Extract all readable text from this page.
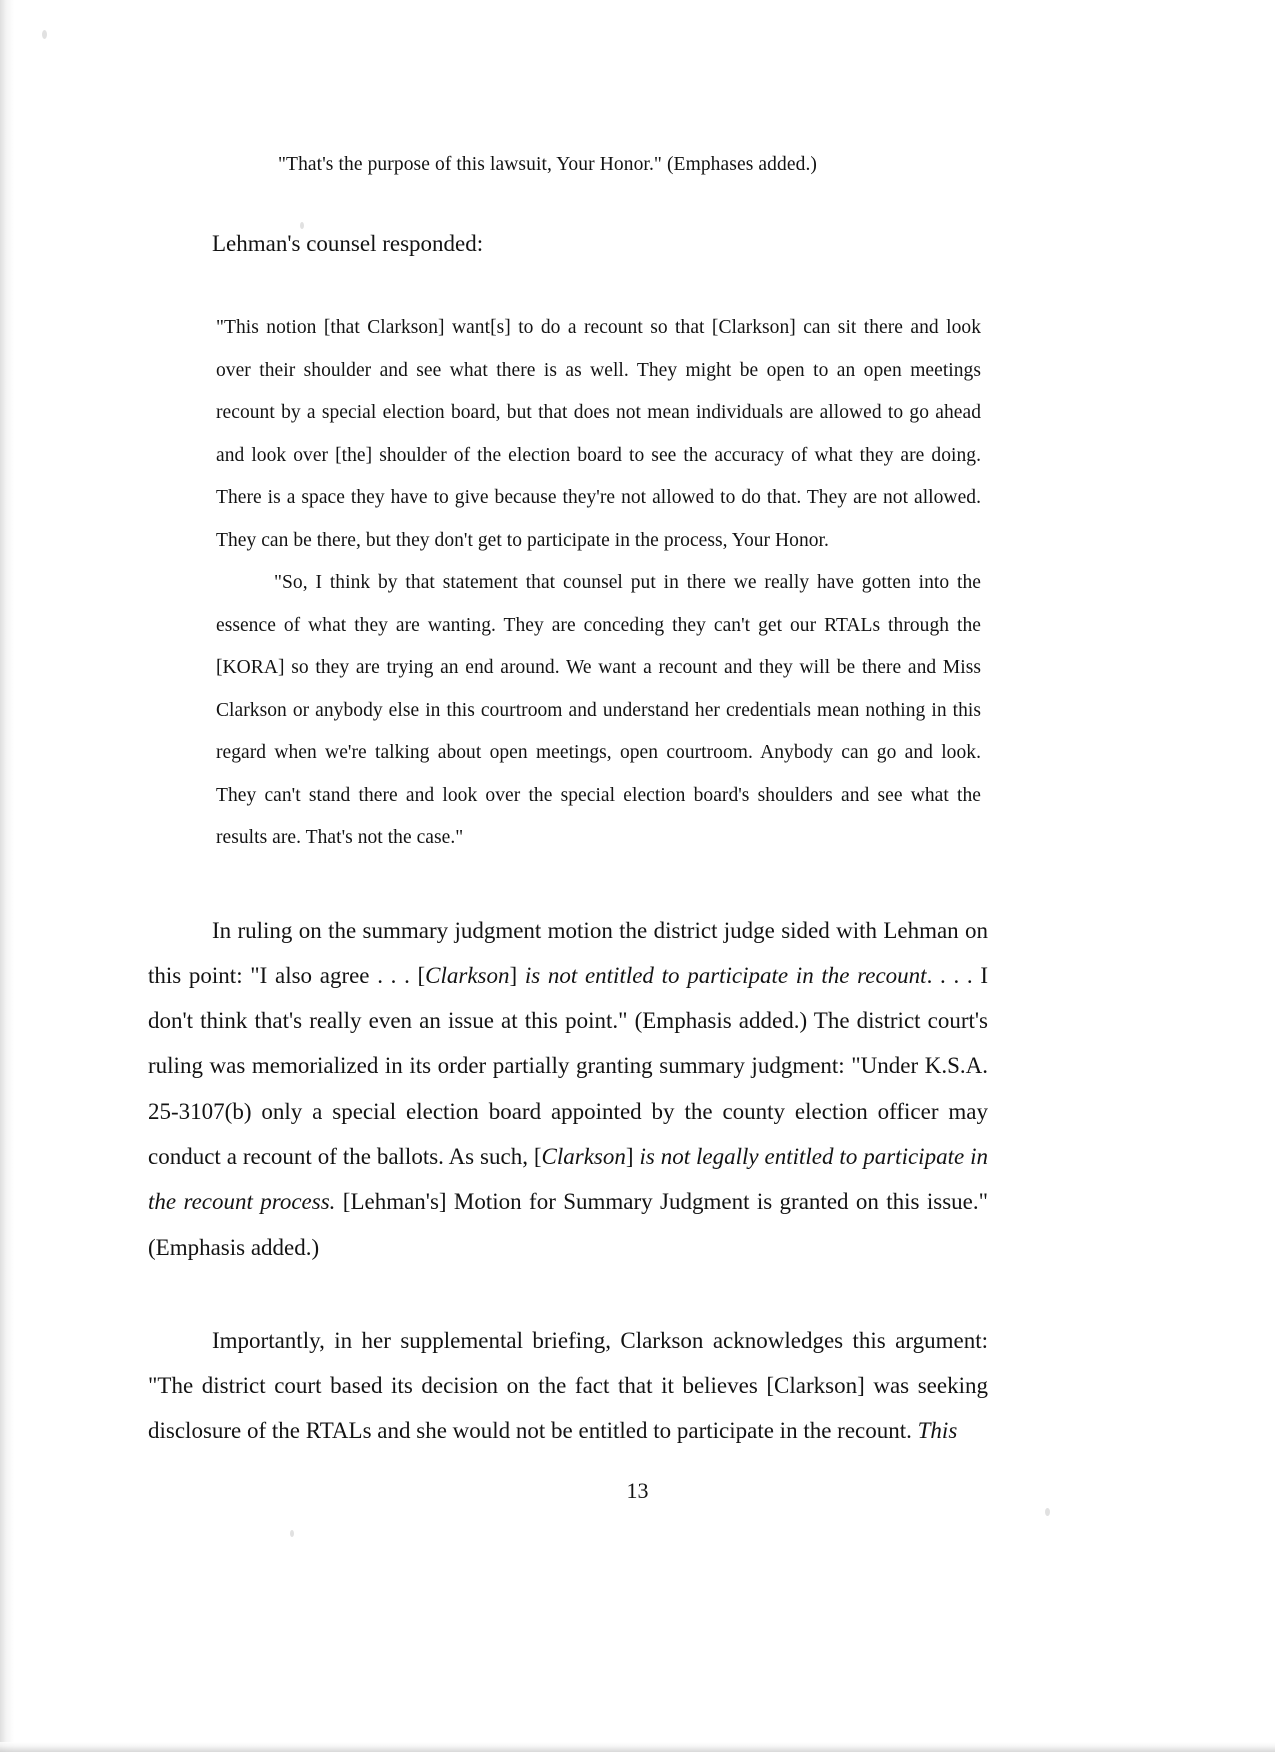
"That's the purpose of this lawsuit, Your Honor." (Emphases added.)
Lehman's counsel responded:

"This notion [that Clarkson] want[s] to do a recount so that [Clarkson] can sit there and look over their shoulder and see what there is as well. They might be open to an open meetings recount by a special election board, but that does not mean individuals are allowed to go ahead and look over [the] shoulder of the election board to see the accuracy of what they are doing. There is a space they have to give because they're not allowed to do that. They are not allowed. They can be there, but they don't get to participate in the process, Your Honor.

"So, I think by that statement that counsel put in there we really have gotten into the essence of what they are wanting. They are conceding they can't get our RTALs through the [KORA] so they are trying an end around. We want a recount and they will be there and Miss Clarkson or anybody else in this courtroom and understand her credentials mean nothing in this regard when we're talking about open meetings, open courtroom. Anybody can go and look. They can't stand there and look over the special election board's shoulders and see what the results are. That's not the case."

In ruling on the summary judgment motion the district judge sided with Lehman on this point: "I also agree . . . [Clarkson] is not entitled to participate in the recount. . . . I don't think that's really even an issue at this point." (Emphasis added.) The district court's ruling was memorialized in its order partially granting summary judgment: "Under K.S.A. 25-3107(b) only a special election board appointed by the county election officer may conduct a recount of the ballots. As such, [Clarkson] is not legally entitled to participate in the recount process. [Lehman's] Motion for Summary Judgment is granted on this issue." (Emphasis added.)
Importantly, in her supplemental briefing, Clarkson acknowledges this argument: "The district court based its decision on the fact that it believes [Clarkson] was seeking disclosure of the RTALs and she would not be entitled to participate in the recount. This
13
